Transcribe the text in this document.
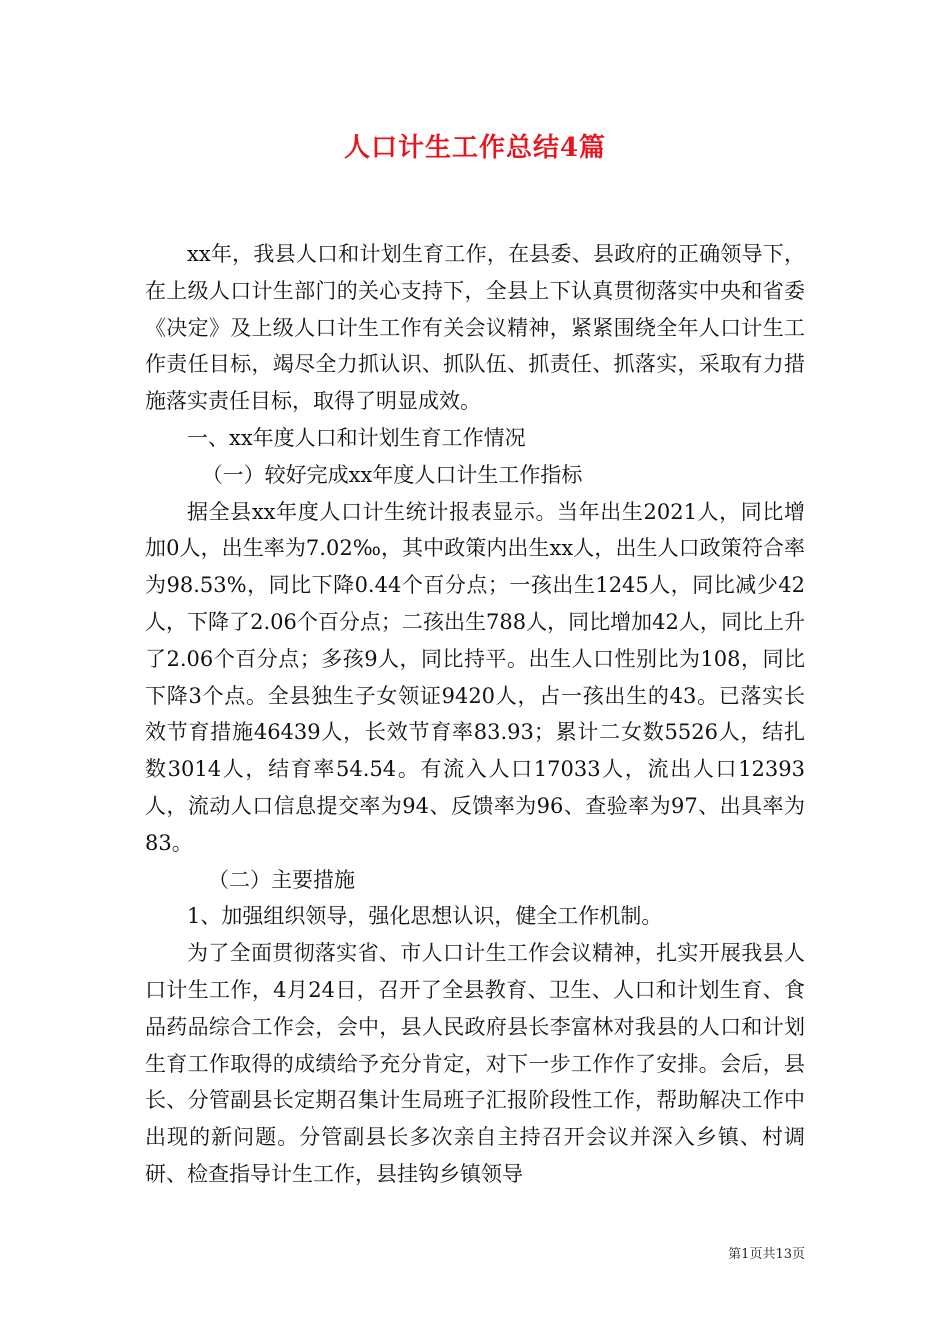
人口计生工作总结4篇

xx年，我县人口和计划生育工作，在县委、县政府的正确领导下，在上级人口计生部门的关心支持下，全县上下认真贯彻落实中央和省委《决定》及上级人口计生工作有关会议精神，紧紧围绕全年人口计生工作责任目标，竭尽全力抓认识、抓队伍、抓责任、抓落实，采取有力措施落实责任目标，取得了明显成效。

一、xx年度人口和计划生育工作情况

（一）较好完成xx年度人口计生工作指标

据全县xx年度人口计生统计报表显示。当年出生2021人，同比增加0人，出生率为7.02‰，其中政策内出生xx人，出生人口政策符合率为98.53%，同比下降0.44个百分点；一孩出生1245人，同比减少42人，下降了2.06个百分点；二孩出生788人，同比增加42人，同比上升了2.06个百分点；多孩9人，同比持平。出生人口性别比为108，同比下降3个点。全县独生子女领证9420人，占一孩出生的43。已落实长效节育措施46439人，长效节育率83.93；累计二女数5526人，结扎数3014人，结育率54.54。有流入人口17033人，流出人口12393人，流动人口信息提交率为94、反馈率为96、查验率为97、出具率为83。

（二）主要措施

1、加强组织领导，强化思想认识，健全工作机制。

为了全面贯彻落实省、市人口计生工作会议精神，扎实开展我县人口计生工作，4月24日，召开了全县教育、卫生、人口和计划生育、食品药品综合工作会，会中，县人民政府县长李富林对我县的人口和计划生育工作取得的成绩给予充分肯定，对下一步工作作了安排。会后，县长、分管副县长定期召集计生局班子汇报阶段性工作，帮助解决工作中出现的新问题。分管副县长多次亲自主持召开会议并深入乡镇、村调研、检查指导计生工作，县挂钩乡镇领导

第1页共13页
